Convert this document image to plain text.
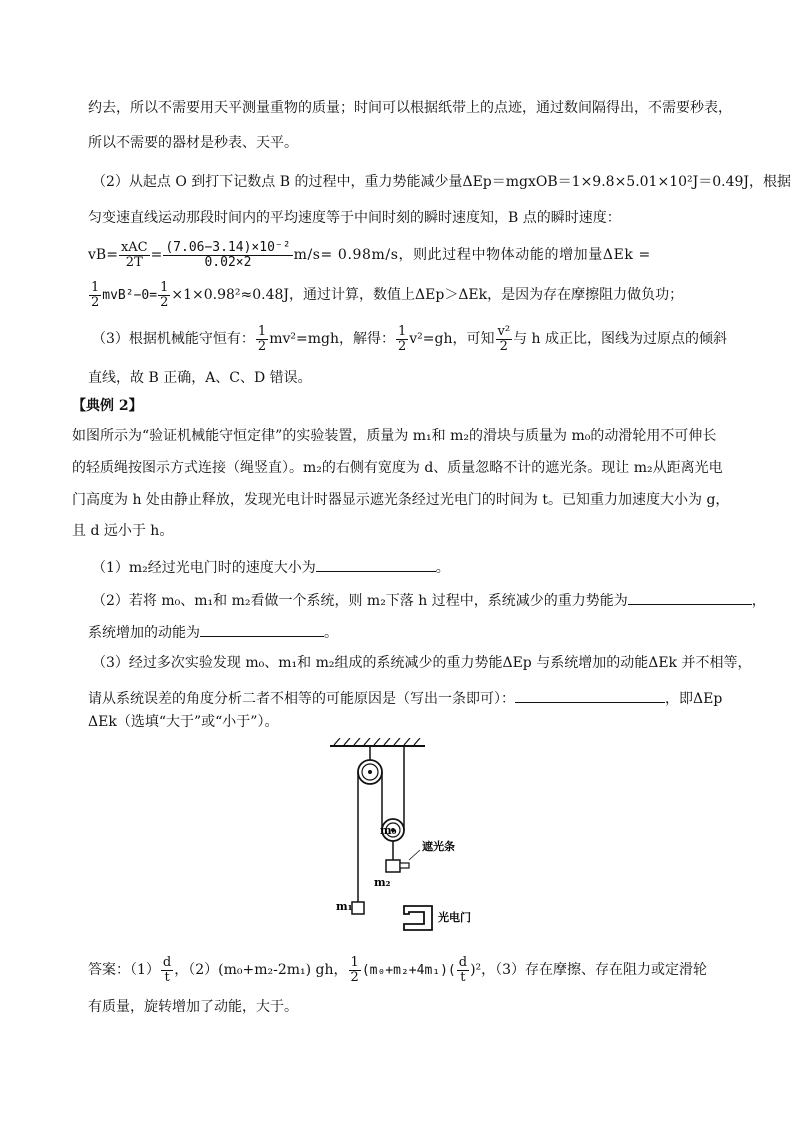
约去，所以不需要用天平测量重物的质量；时间可以根据纸带上的点迹，通过数间隔得出，不需要秒表，
所以不需要的器材是秒表、天平。
（2）从起点 O 到打下记数点 B 的过程中，重力势能减少量ΔEp＝mgxOB＝1×9.8×5.01×10²J＝0.49J，根据
匀变速直线运动那段时间内的平均速度等于中间时刻的瞬时速度知，B 点的瞬时速度：
$vB= \frac{\text{xAC}}{2T} = \frac{\text{(7.06−3.14)×10⁻²}}{0.02\times 2} m/s= 0.98m/s$，则此过程中物体动能的增加量ΔEk =
$\frac{1}{2} mvB^2-0= \frac{1}{2} \times 1\times 0.98^2\approx 0.48J$，通过计算，数值上ΔEp＞ΔEk，是因为存在摩擦阻力做负功；
（3）根据机械能守恒有： $\frac{1}{2} mv^2=mgh$，解得： $\frac{1}{2} v^2=gh$，可知 $\frac{\text{v²}}{2}$ 与 h 成正比，图线为过原点的倾斜
直线，故 B 正确，A、C、D 错误。
【典例 2】
如图所示为“验证机械能守恒定律”的实验装置，质量为 m₁和 m₂的滑块与质量为 m₀的动滑轮用不可伸长
的轻质绳按图示方式连接（绳竖直）。m₂的右侧有宽度为 d、质量忽略不计的遮光条。现让 m₂从距离光电
门高度为 h 处由静止释放，发现光电计时器显示遮光条经过光电门的时间为 t。已知重力加速度大小为 g，
且 d 远小于 h。
（1）m₂经过光电门时的速度大小为	。
（2）若将 m₀、m₁和 m₂看做一个系统，则 m₂下落 h 过程中，系统减少的重力势能为	，
系统增加的动能为	。
（3）经过多次实验发现 m₀、m₁和 m₂组成的系统减少的重力势能ΔEp 与系统增加的动能ΔEk 并不相等，
请从系统误差的角度分析二者不相等的可能原因是（写出一条即可）：	，即ΔEp
ΔEk（选填“大于”或“小于”）。
m₀
m₂
m₁
遮光条
光电门
答案：$(1) \frac{d}{t}$ ，（2）(m₀+m₂-2m₁) gh， $\frac{1}{2} (m_0+m_2+4m_1)( \frac{d}{t} )^2$，（3）存在摩擦、存在阻力或定滑轮
有质量，旋转增加了动能，大于。
